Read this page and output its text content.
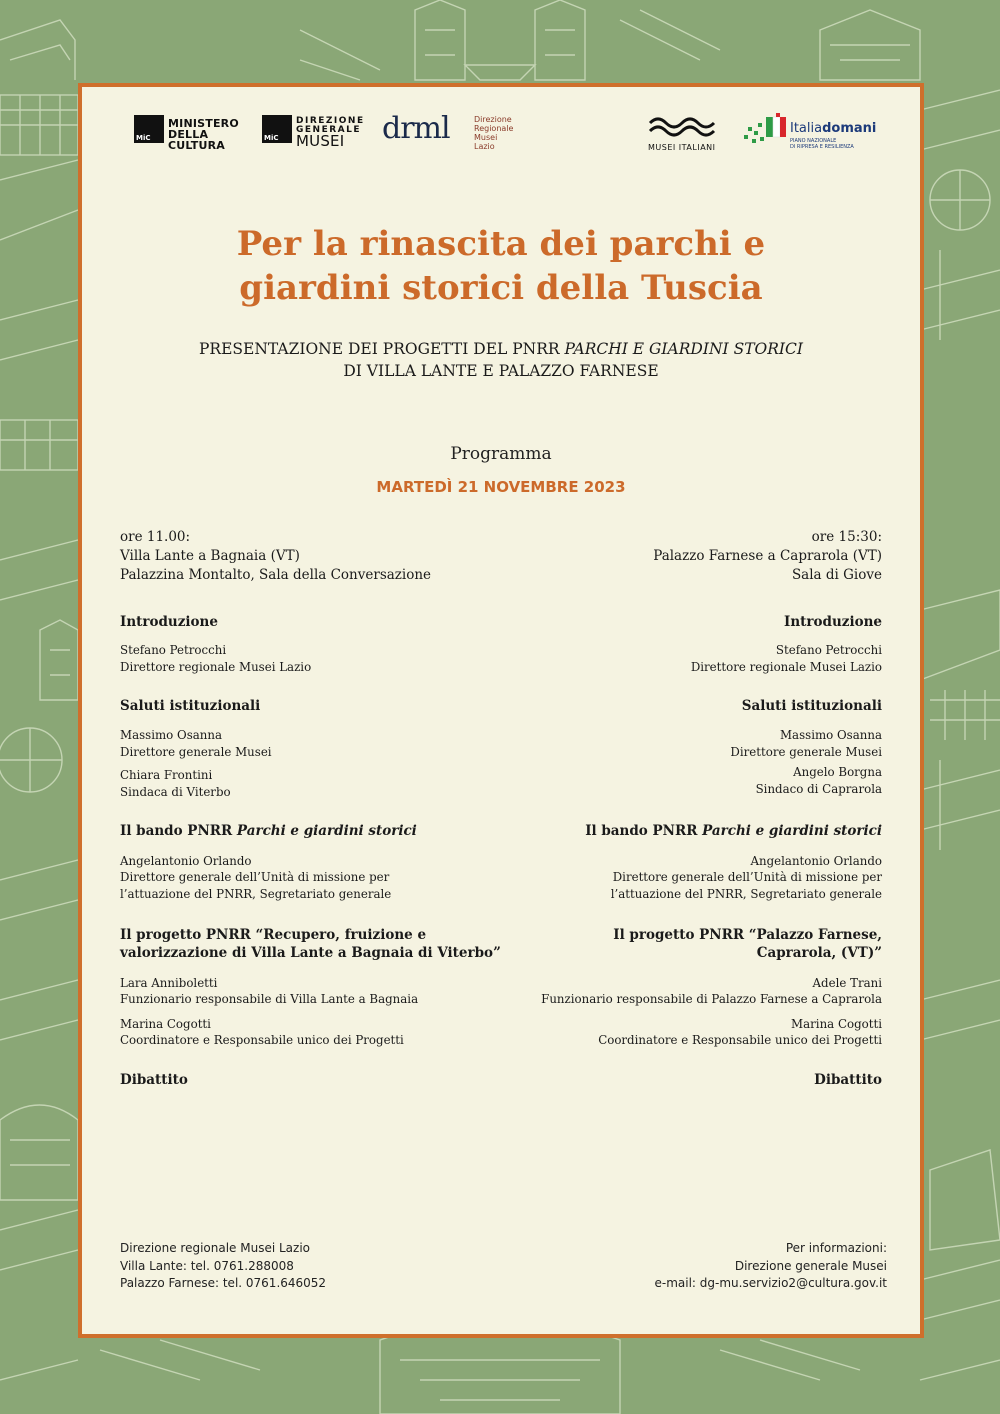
MiC
MINISTERO
DELLA
CULTURA
MiC
DIREZIONE
GENERALE
MUSEI drml	Direzione
Regionale
Musei
Lazio	MUSEI ITALIANI
Italiadomani
PIANO NAZIONALE
DI RIPRESA E RESILIENZA
Per la rinascita dei parchi e
giardini storici della Tuscia
PRESENTAZIONE DEI PROGETTI DEL PNRR PARCHI E GIARDINI STORICI
DI VILLA LANTE E PALAZZO FARNESE
Programma
MARTEDÌ 21 NOVEMBRE 2023
ore 11.00:
Villa Lante a Bagnaia (VT)
Palazzina Montalto, Sala della Conversazione
Introduzione
Stefano Petrocchi
Direttore regionale Musei Lazio
Saluti istituzionali
Massimo Osanna
Direttore generale Musei
Chiara Frontini
Sindaca di Viterbo
Il bando PNRR Parchi e giardini storici
Angelantonio Orlando
Direttore generale dell’Unità di missione per
l’attuazione del PNRR, Segretariato generale
Il progetto PNRR “Recupero, fruizione e
valorizzazione di Villa Lante a Bagnaia di Viterbo”
Lara Anniboletti
Funzionario responsabile di Villa Lante a Bagnaia
Marina Cogotti
Coordinatore e Responsabile unico dei Progetti
Dibattito
ore 15:30:
Palazzo Farnese a Caprarola (VT)
Sala di Giove
Introduzione
Stefano Petrocchi
Direttore regionale Musei Lazio
Saluti istituzionali
Massimo Osanna
Direttore generale Musei
Angelo Borgna
Sindaco di Caprarola
Il bando PNRR Parchi e giardini storici
Angelantonio Orlando
Direttore generale dell’Unità di missione per
l’attuazione del PNRR, Segretariato generale
Il progetto PNRR “Palazzo Farnese,
Caprarola, (VT)”
Adele Trani
Funzionario responsabile di Palazzo Farnese a Caprarola
Marina Cogotti
Coordinatore e Responsabile unico dei Progetti
Dibattito
Direzione regionale Musei Lazio
Villa Lante: tel. 0761.288008
Palazzo Farnese: tel. 0761.646052
Per informazioni:
Direzione generale Musei
e-mail: dg-mu.servizio2@cultura.gov.it
